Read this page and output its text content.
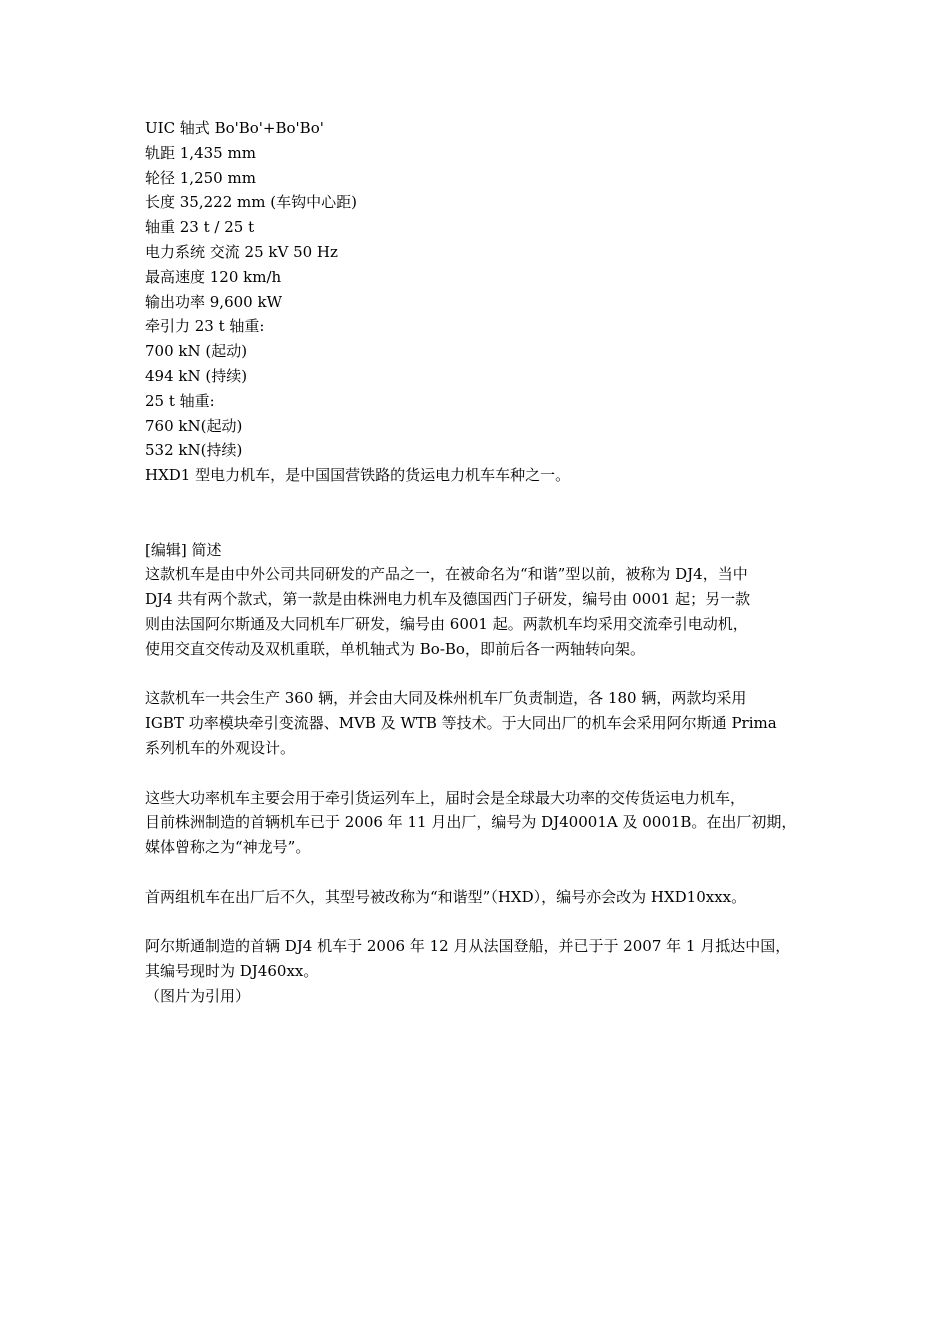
UIC 轴式 Bo'Bo'+Bo'Bo'
轨距 1,435 mm
轮径 1,250 mm
长度 35,222 mm (车钩中心距)
轴重 23 t / 25 t
电力系统 交流 25 kV 50 Hz
最高速度 120 km/h
输出功率 9,600 kW
牵引力 23 t 轴重:
700 kN (起动)
494 kN (持续)
25 t 轴重:
760 kN(起动)
532 kN(持续)
HXD1 型电力机车，是中国国营铁路的货运电力机车车种之一。
[编辑] 简述
这款机车是由中外公司共同研发的产品之一，在被命名为“和谐”型以前，被称为 DJ4，当中
DJ4 共有两个款式，第一款是由株洲电力机车及德国西门子研发，编号由 0001 起；另一款
则由法国阿尔斯通及大同机车厂研发，编号由 6001 起。两款机车均采用交流牵引电动机，
使用交直交传动及双机重联，单机轴式为 Bo-Bo，即前后各一两轴转向架。
这款机车一共会生产 360 辆，并会由大同及株州机车厂负责制造，各 180 辆，两款均采用
IGBT 功率模块牵引变流器、MVB 及 WTB 等技术。于大同出厂的机车会采用阿尔斯通 Prima
系列机车的外观设计。
这些大功率机车主要会用于牵引货运列车上，届时会是全球最大功率的交传货运电力机车，
目前株洲制造的首辆机车已于 2006 年 11 月出厂，编号为 DJ40001A 及 0001B。在出厂初期，
媒体曾称之为“神龙号”。
首两组机车在出厂后不久，其型号被改称为“和谐型”（HXD），编号亦会改为 HXD10xxx。
阿尔斯通制造的首辆 DJ4 机车于 2006 年 12 月从法国登船，并已于于 2007 年 1 月抵达中国，
其编号现时为 DJ460xx。
（图片为引用）
